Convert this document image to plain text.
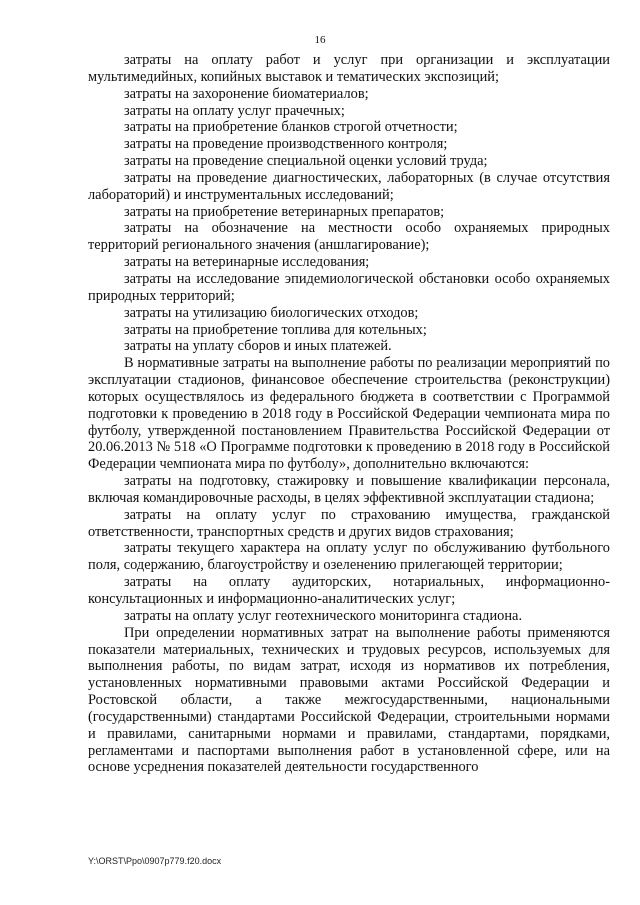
16

затраты на оплату работ и услуг при организации и эксплуатации мультимедийных, копийных выставок и тематических экспозиций;

затраты на захоронение биоматериалов;

затраты на оплату услуг прачечных;

затраты на приобретение бланков строгой отчетности;

затраты на проведение производственного контроля;

затраты на проведение специальной оценки условий труда;

затраты на проведение диагностических, лабораторных (в случае отсутствия лабораторий) и инструментальных исследований;

затраты на приобретение ветеринарных препаратов;

затраты на обозначение на местности особо охраняемых природных территорий регионального значения (аншлагирование);

затраты на ветеринарные исследования;

затраты на исследование эпидемиологической обстановки особо охраняемых природных территорий;

затраты на утилизацию биологических отходов;

затраты на приобретение топлива для котельных;

затраты на уплату сборов и иных платежей.

В нормативные затраты на выполнение работы по реализации мероприятий по эксплуатации стадионов, финансовое обеспечение строительства (реконструкции) которых осуществлялось из федерального бюджета в соответствии с Программой подготовки к проведению в 2018 году в Российской Федерации чемпионата мира по футболу, утвержденной постановлением Правительства Российской Федерации от 20.06.2013 № 518 «О Программе подготовки к проведению в 2018 году в Российской Федерации чемпионата мира по футболу», дополнительно включаются:

затраты на подготовку, стажировку и повышение квалификации персонала, включая командировочные расходы, в целях эффективной эксплуатации стадиона;

затраты на оплату услуг по страхованию имущества, гражданской ответственности, транспортных средств и других видов страхования;

затраты текущего характера на оплату услуг по обслуживанию футбольного поля, содержанию, благоустройству и озеленению прилегающей территории;

затраты на оплату аудиторских, нотариальных, информационно-консультационных и информационно-аналитических услуг;

затраты на оплату услуг геотехнического мониторинга стадиона.

При определении нормативных затрат на выполнение работы применяются показатели материальных, технических и трудовых ресурсов, используемых для выполнения работы, по видам затрат, исходя из нормативов их потребления, установленных нормативными правовыми актами Российской Федерации и Ростовской области, а также межгосударственными, национальными (государственными) стандартами Российской Федерации, строительными нормами и правилами, санитарными нормами и правилами, стандартами, порядками, регламентами и паспортами выполнения работ в установленной сфере, или на основе усреднения показателей деятельности государственного

Y:\ORST\Ppo\0907p779.f20.docx
